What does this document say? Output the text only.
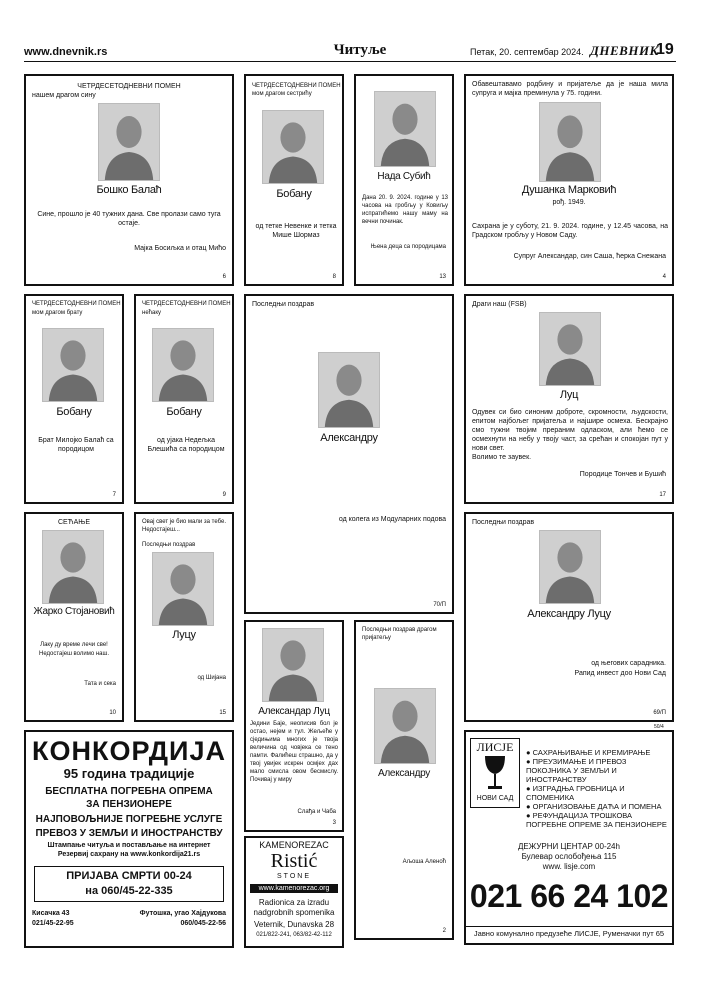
www.dnevnik.rs	Читуље	Петак, 20. септембар 2024. ДНЕВНИК
19
ЧЕТРДЕСЕТОДНЕВНИ ПОМЕН
нашем драгом сину
Бошко Балаћ
Сине, прошло је 40 тужних дана. Све пролази само туга остаје.
Мајка Босиљка и отац Мићо
6
ЧЕТРДЕСЕТОДНЕВНИ ПОМЕН
мом драгом сестрићу
Бобану
од тетке Невенке и тетка Мише Шормаз
8
Нада Субић
Дана 20. 9. 2024. године у 13 часова на гробљу у Ковиљу испратићемо нашу маму на вечни починак.
Њена деца са породицама
13
Обавештавамо родбину и пријатеље да је наша мила супруга и мајка преминула у 75. години.
Душанка Марковић
рођ. 1949.
Сахрана је у суботу, 21. 9. 2024. године, у 12.45 часова, на Градском гробљу у Новом Саду.
Супруг Александар, син Саша, ћерка Снежана
4
ЧЕТРДЕСЕТОДНЕВНИ ПОМЕН
мом драгом брату
Бобану
Брат Милојко Балаћ са породицом
7
ЧЕТРДЕСЕТОДНЕВНИ ПОМЕН
нећаку
Бобану
од ујака Недељка Блешића са породицом
9
Последњи поздрав
Александру
од колега из Модуларних подова
70/П
Драги наш (FSB)
Луц
Одувек си био синоним доброте, скромности, људскости, епитом најбољег пријатеља и најшире осмеха. Бескрајно смо тужни твојим прераним одласком, али ћемо се осмехнути на небу у твоју част, за срећан и спокојан пут у нови свет.
Волимо те заувек.
Породице Тончев и Бушић
17
СЕЋАЊЕ
Жарко Стојановић
Лаку ду време лечи све! Недостајеш волимо наш.
Тата и сека
10
Овај свет је био мали за тебе. Недостајеш...
Последњи поздрав
Луцу
од Шијана
15
Последњи поздрав
Александру Луцу
од његових сарадника.
Рапид инвест доо Нови Сад
69/П
Александар Луц
Једини Баје, неописив бол је остао, нејем и тул. Жељеће у сједињима многих је твоја величина од човјека се тено памти. Фалићеш страшно, да у твој увијек искрен осмјех дах мало смисла овом бесмислу. Почивај у миру
Слађа и Чаба
3
Последњи поздрав драгом пријатељу
Александру
Аљоша Аленоћ
2
КОНКОРДИЈА
95 година традиције
БЕСПЛАТНА ПОГРЕБНА ОПРЕМА
ЗА ПЕНЗИОНЕРЕ
НАЈПОВОЉНИЈЕ ПОГРЕБНЕ УСЛУГЕ
ПРЕВОЗ У ЗЕМЉИ И ИНОСТРАНСТВУ
Штампање читуља и постављање на интернет
Резервиј сахрану на www.konkordija21.rs
ПРИЈАВА СМРТИ 00-24
на 060/45-22-335
Кисачка 43	Футошка, угао Хајдукова
021/45-22-95	060/045-22-56
KAMENOREZAC
Ristić
STONE
www.kamenorezac.org
Radionica za izradu
nadgrobnih spomenika
Veternik, Dunavska 28
021/822-241, 063/82-42-112
50/4
ЛИСЈЕ
НОВИ САД
● САХРАЊИВАЊЕ И КРЕМИРАЊЕ
● ПРЕУЗИМАЊЕ И ПРЕВОЗ ПОКОЈНИКА У ЗЕМЉИ И ИНОСТРАНСТВУ
● ИЗГРАДЊА ГРОБНИЦА И СПОМЕНИКА
● ОРГАНИЗОВАЊЕ ДАЋА И ПОМЕНА
● РЕФУНДАЦИЈА ТРОШКОВА ПОГРЕБНЕ ОПРЕМЕ ЗА ПЕНЗИОНЕРЕ
ДЕЖУРНИ ЦЕНТАР 00-24h
Булевар ослобођења 115
www. lisje.com
021 66 24 102
Јавно комунално предузеће ЛИСЈЕ, Руменачки пут 65
